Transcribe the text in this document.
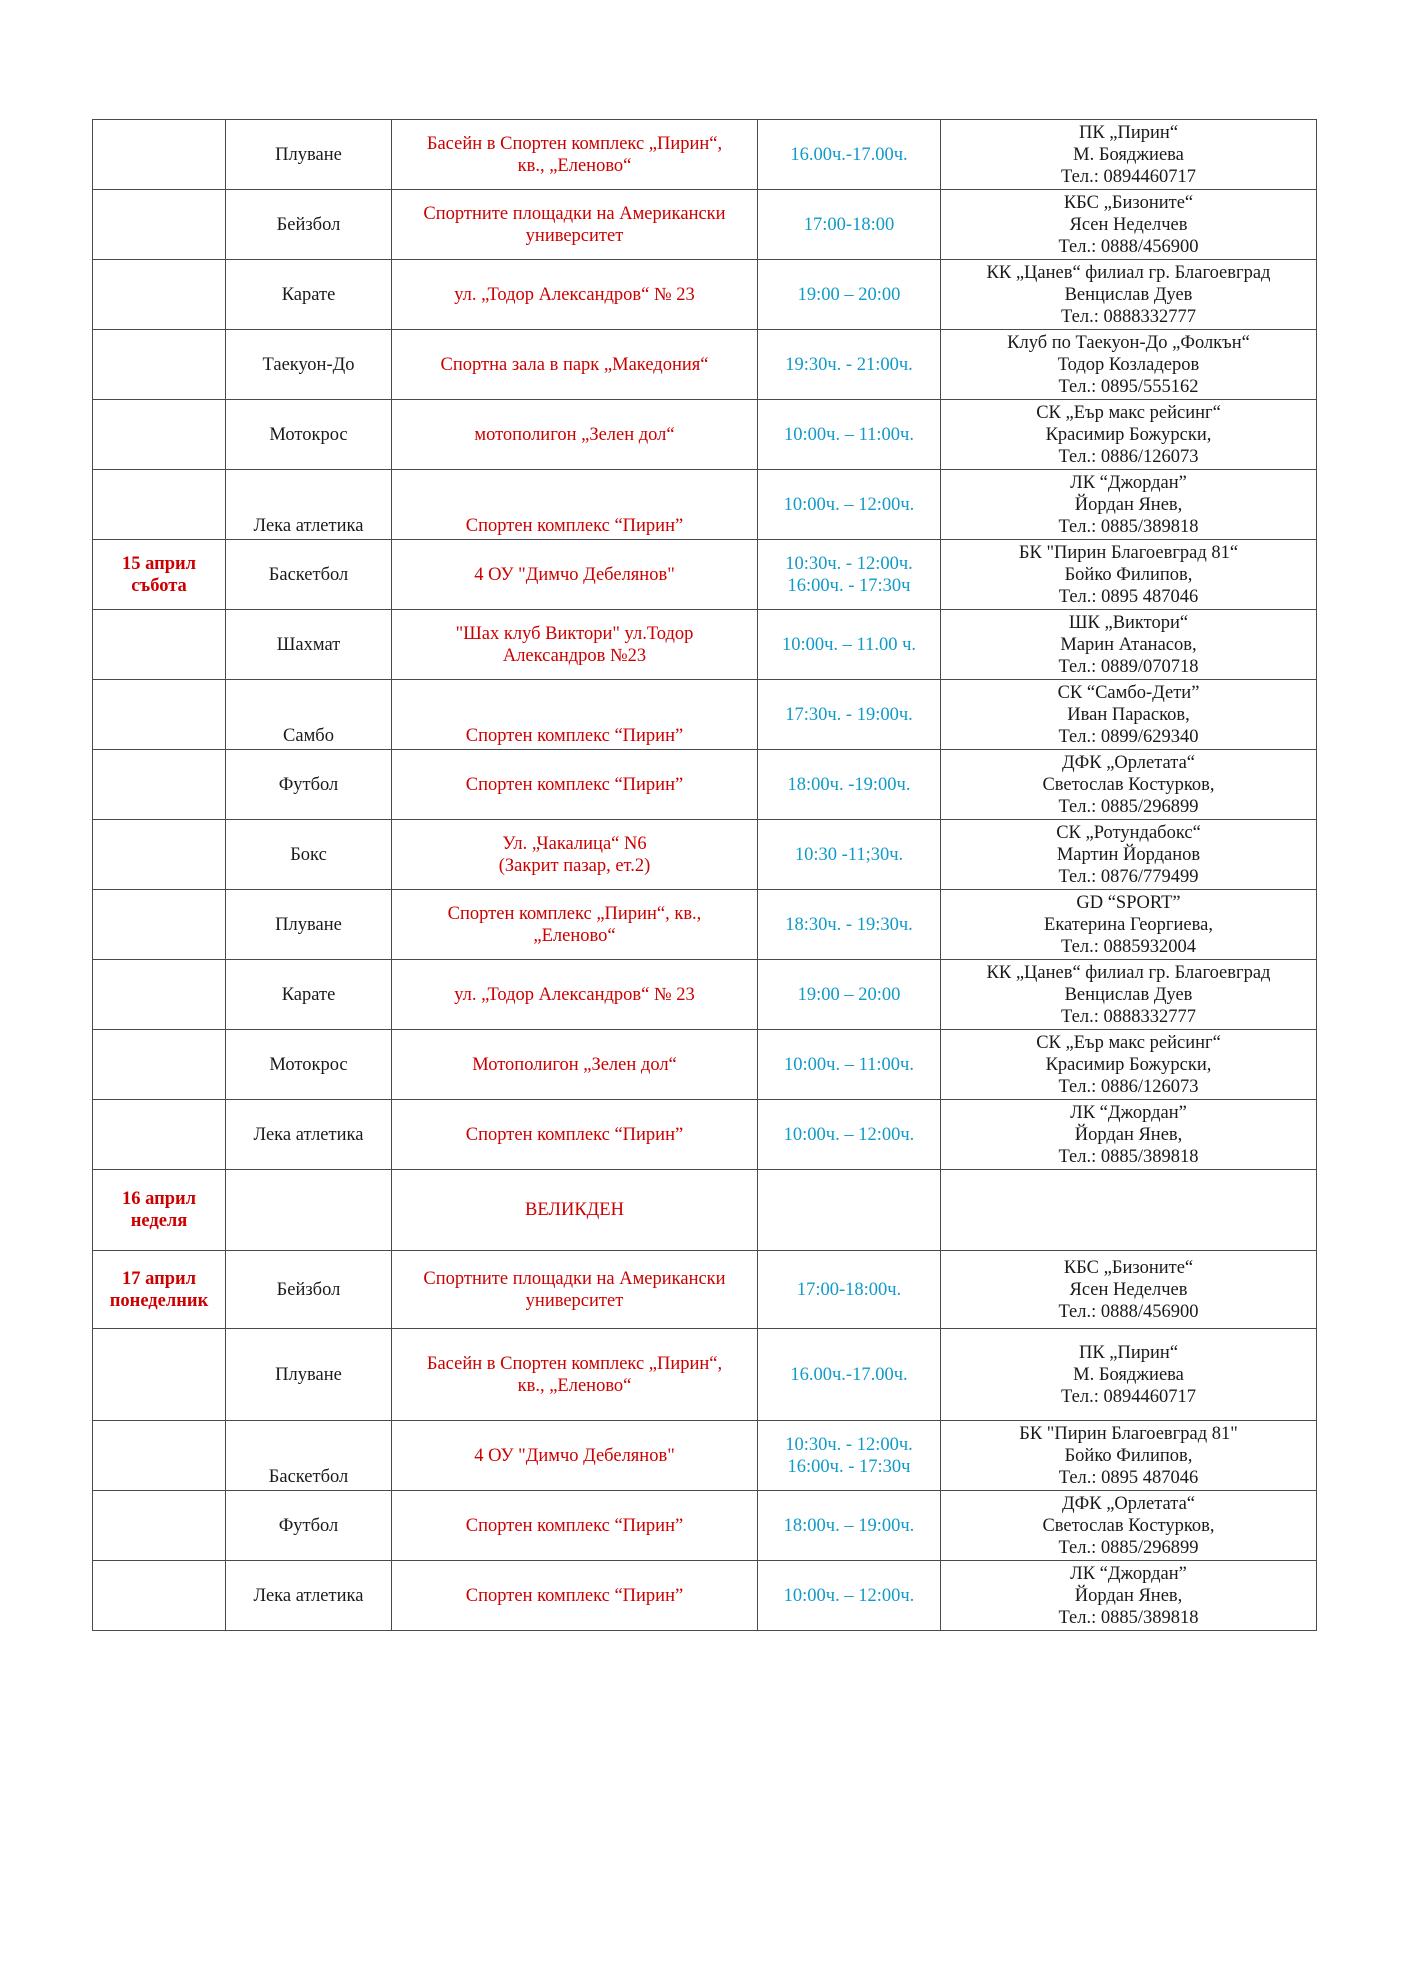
	Плуване	Басейн в Спортен комплекс „Пирин“,
кв., „Еленово“	16.00ч.-17.00ч.	ПК „Пирин“
М. Бояджиева
Тел.: 0894460717

	Бейзбол	Спортните площадки на Американски
университет	17:00-18:00	КБС „Бизоните“
Ясен Неделчев
Тел.: 0888/456900

	Карате	ул. „Тодор Александров“ № 23	19:00 – 20:00	КК „Цанев“ филиал гр. Благоевград
Венцислав Дуев
Тел.: 0888332777

	Таекуон-До	Спортна зала в парк „Македония“	19:30ч. - 21:00ч.	Клуб по Таекуон-До „Фолкън“
Тодор Козладеров
Тел.: 0895/555162

	Мотокрос	мотополигон „Зелен дол“	10:00ч. – 11:00ч.	СК „Еър макс рейсинг“
Красимир Божурски,
Тел.: 0886/126073

	Лека атлетика	Спортен комплекс “Пирин”	10:00ч. – 12:00ч.	ЛК “Джордан”
Йордан Янев,
Тел.: 0885/389818

15 април
събота	Баскетбол	4 ОУ "Димчо Дебелянов"	10:30ч. - 12:00ч.
16:00ч. - 17:30ч	БК "Пирин Благоевград 81“
Бойко Филипов,
Тел.: 0895 487046

	Шахмат	"Шах клуб Виктори" ул.Тодор
Александров №23	10:00ч. – 11.00 ч.	ШК „Виктори“
Марин Атанасов,
Тел.: 0889/070718

	Самбо	Спортен комплекс “Пирин”	17:30ч. - 19:00ч.	СК “Самбо-Дети”
Иван Парасков,
Тел.: 0899/629340

	Футбол	Спортен комплекс “Пирин”	18:00ч. -19:00ч.	ДФК „Орлетата“
Светослав Костурков,
Тел.: 0885/296899

	Бокс	Ул. „Чакалица“ N6
(Закрит пазар, ет.2)	10:30 -11;30ч.	СК „Ротундабокс“
Мартин Йорданов
Тел.: 0876/779499

	Плуване	Спортен комплекс „Пирин“, кв.,
„Еленово“	18:30ч. - 19:30ч.	GD “SPORT”
Екатерина Георгиева,
Тел.: 0885932004

	Карате	ул. „Тодор Александров“ № 23	19:00 – 20:00	КК „Цанев“ филиал гр. Благоевград
Венцислав Дуев
Тел.: 0888332777

	Мотокрос	Мотополигон „Зелен дол“	10:00ч. – 11:00ч.	СК „Еър макс рейсинг“
Красимир Божурски,
Тел.: 0886/126073

	Лека атлетика	Спортен комплекс “Пирин”	10:00ч. – 12:00ч.	ЛК “Джордан”
Йордан Янев,
Тел.: 0885/389818

16 април
неделя		ВЕЛИКДЕН		

17 април
понеделник	Бейзбол	Спортните площадки на Американски
университет	17:00-18:00ч.	КБС „Бизоните“
Ясен Неделчев
Тел.: 0888/456900

	Плуване	Басейн в Спортен комплекс „Пирин“,
кв., „Еленово“	16.00ч.-17.00ч.	ПК „Пирин“
М. Бояджиева
Тел.: 0894460717

	Баскетбол	4 ОУ "Димчо Дебелянов"	10:30ч. - 12:00ч.
16:00ч. - 17:30ч	БК "Пирин Благоевград 81"
Бойко Филипов,
Тел.: 0895 487046

	Футбол	Спортен комплекс “Пирин”	18:00ч. – 19:00ч.	ДФК „Орлетата“
Светослав Костурков,
Тел.: 0885/296899

	Лека атлетика	Спортен комплекс “Пирин”	10:00ч. – 12:00ч.	ЛК “Джордан”
Йордан Янев,
Тел.: 0885/389818
